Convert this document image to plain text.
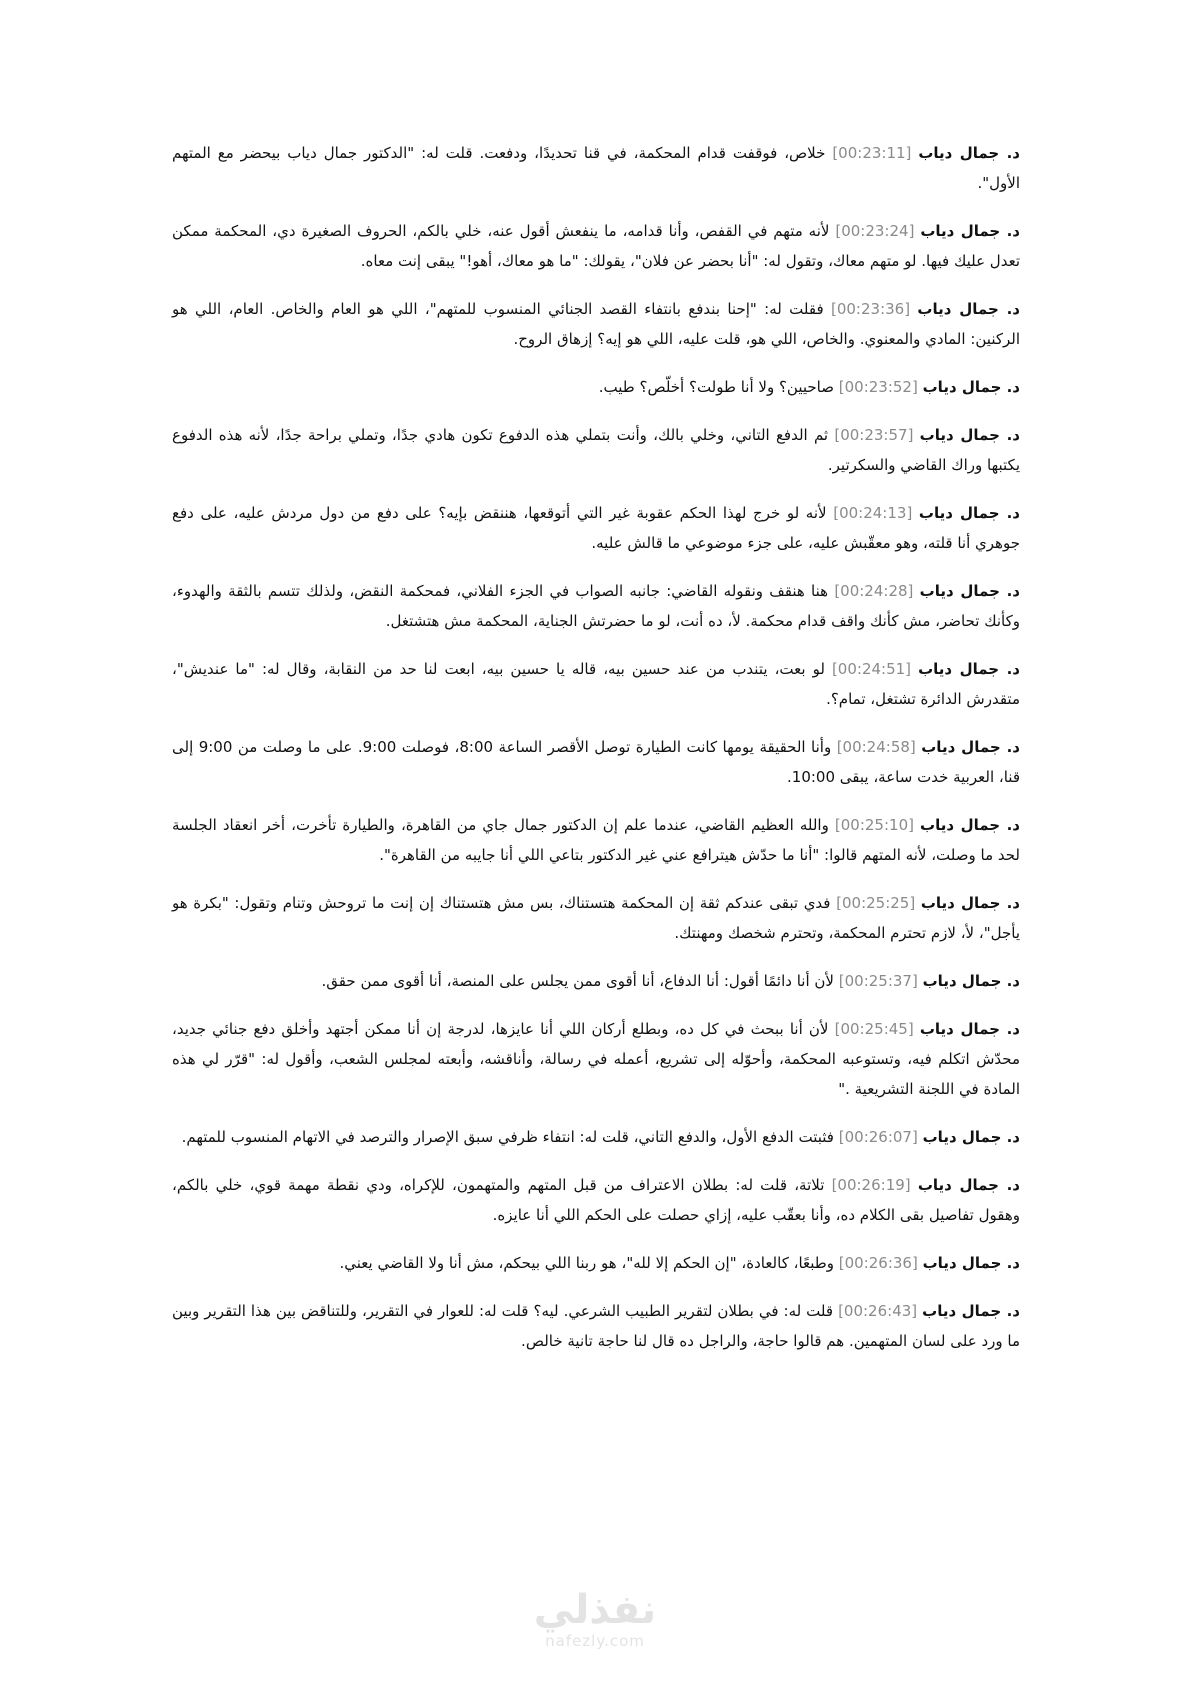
د. جمال دياب [00:23:11] خلاص، فوقفت قدام المحكمة، في قنا تحديدًا، ودفعت. قلت له: "الدكتور جمال دياب بيحضر مع المتهم الأول".

د. جمال دياب [00:23:24] لأنه متهم في القفص، وأنا قدامه، ما ينفعش أقول عنه، خلي بالكم، الحروف الصغيرة دي، المحكمة ممكن تعدل عليك فيها. لو متهم معاك، وتقول له: "أنا بحضر عن فلان"، يقولك: "ما هو معاك، أهو!" يبقى إنت معاه.

د. جمال دياب [00:23:36] فقلت له: "إحنا بندفع بانتفاء القصد الجنائي المنسوب للمتهم"، اللي هو العام والخاص. العام، اللي هو الركنين: المادي والمعنوي. والخاص، اللي هو، قلت عليه، اللي هو إيه؟ إزهاق الروح.

د. جمال دياب [00:23:52] صاحيين؟ ولا أنا طولت؟ أخلّص؟ طيب.

د. جمال دياب [00:23:57] ثم الدفع التاني، وخلي بالك، وأنت بتملي هذه الدفوع تكون هادي جدًا، وتملي براحة جدًا، لأنه هذه الدفوع يكتبها وراك القاضي والسكرتير.

د. جمال دياب [00:24:13] لأنه لو خرج لهذا الحكم عقوبة غير التي أتوقعها، هننقض بإيه؟ على دفع من دول مردش عليه، على دفع جوهري أنا قلته، وهو معقّبش عليه، على جزء موضوعي ما قالش عليه.

د. جمال دياب [00:24:28] هنا هنقف ونقوله القاضي: جانبه الصواب في الجزء الفلاني، فمحكمة النقض، ولذلك تتسم بالثقة والهدوء، وكأنك تحاضر، مش كأنك واقف قدام محكمة. لأ، ده أنت، لو ما حضرتش الجناية، المحكمة مش هتشتغل.

د. جمال دياب [00:24:51] لو بعت، يتندب من عند حسين بيه، قاله يا حسين بيه، ابعت لنا حد من النقابة، وقال له: "ما عنديش"، متقدرش الدائرة تشتغل، تمام؟.

د. جمال دياب [00:24:58] وأنا الحقيقة يومها كانت الطيارة توصل الأقصر الساعة 8:00، فوصلت 9:00. على ما وصلت من 9:00 إلى قنا، العربية خدت ساعة، يبقى 10:00.

د. جمال دياب [00:25:10] والله العظيم القاضي، عندما علم إن الدكتور جمال جاي من القاهرة، والطيارة تأخرت، أخر انعقاد الجلسة لحد ما وصلت، لأنه المتهم قالوا: "أنا ما حدّش هيترافع عني غير الدكتور بتاعي اللي أنا جايبه من القاهرة".

د. جمال دياب [00:25:25] فدي تبقى عندكم ثقة إن المحكمة هتستناك، بس مش هتستناك إن إنت ما تروحش وتنام وتقول: "بكرة هو يأجل"، لأ، لازم تحترم المحكمة، وتحترم شخصك ومهنتك.

د. جمال دياب [00:25:37] لأن أنا دائمًا أقول: أنا الدفاع، أنا أقوى ممن يجلس على المنصة، أنا أقوى ممن حقق.

د. جمال دياب [00:25:45] لأن أنا ببحث في كل ده، وبطلع أركان اللي أنا عايزها، لدرجة إن أنا ممكن أجتهد وأخلق دفع جنائي جديد، محدّش اتكلم فيه، وتستوعبه المحكمة، وأحوّله إلى تشريع، أعمله في رسالة، وأناقشه، وأبعته لمجلس الشعب، وأقول له: "قرّر لي هذه المادة في اللجنة التشريعية ."

د. جمال دياب [00:26:07] فثبتت الدفع الأول، والدفع التاني، قلت له: انتفاء ظرفي سبق الإصرار والترصد في الاتهام المنسوب للمتهم.

د. جمال دياب [00:26:19] تلاتة، قلت له: بطلان الاعتراف من قبل المتهم والمتهمون، للإكراه، ودي نقطة مهمة قوي، خلي بالكم، وهقول تفاصيل بقى الكلام ده، وأنا بعقّب عليه، إزاي حصلت على الحكم اللي أنا عايزه.

د. جمال دياب [00:26:36] وطبعًا، كالعادة، "إن الحكم إلا لله"، هو ربنا اللي بيحكم، مش أنا ولا القاضي يعني.

د. جمال دياب [00:26:43] قلت له: في بطلان لتقرير الطبيب الشرعي. ليه؟ قلت له: للعوار في التقرير، وللتناقض بين هذا التقرير وبين ما ورد على لسان المتهمين. هم قالوا حاجة، والراجل ده قال لنا حاجة تانية خالص.

نفذلي
nafezly.com
